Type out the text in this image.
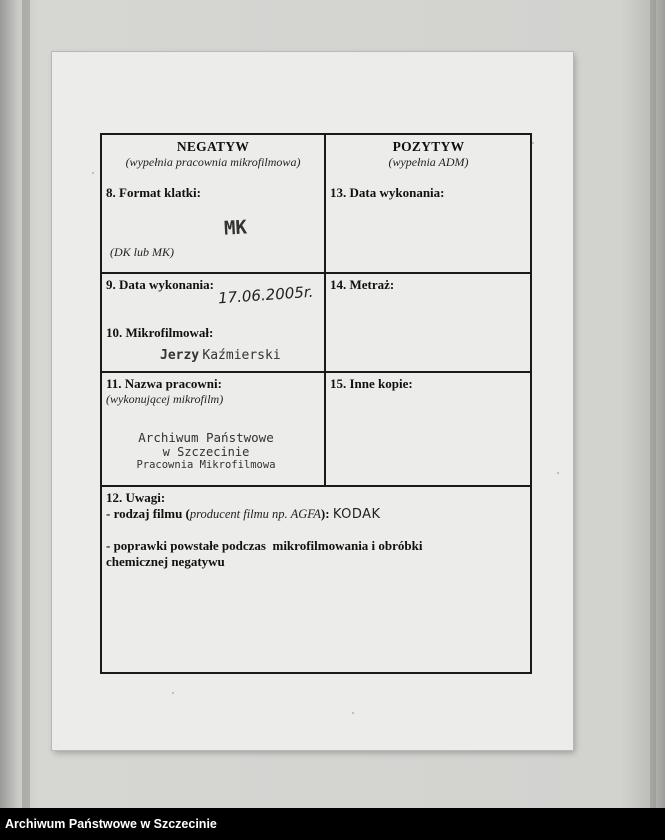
NEGATYW
(wypełnia pracownia mikrofilmowa)
8. Format klatki:
MK
(DK lub MK)
POZYTYW
(wypełnia ADM)
13. Data wykonania:
9. Data wykonania: 17.06.2005r.
10. Mikrofilmował:
Jerzy Kaźmierski
14. Metraż:
11. Nazwa pracowni:
(wykonującej mikrofilm)
Archiwum Państwowe
w Szczecinie
Pracownia Mikrofilmowa
15. Inne kopie:
12. Uwagi:
- rodzaj filmu (producent filmu np. AGFA): KODAK
- poprawki powstałe podczas  mikrofilmowania i obróbki
chemicznej negatywu
Archiwum Państwowe w Szczecinie
